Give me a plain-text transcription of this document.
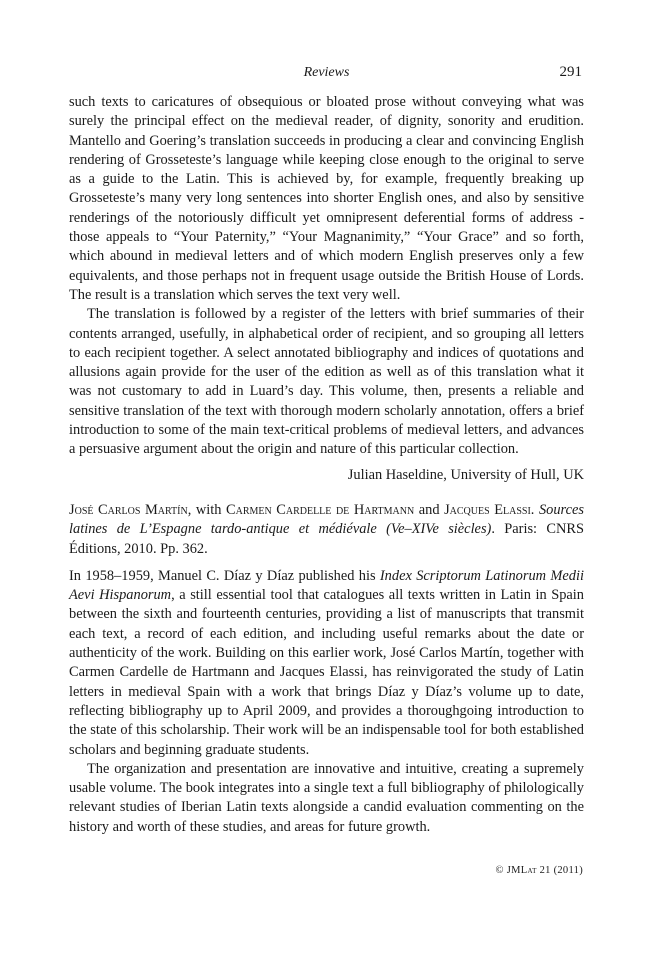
Reviews	291

such texts to caricatures of obsequious or bloated prose without conveying what was surely the principal effect on the medieval reader, of dignity, sonority and erudition. Mantello and Goering’s translation succeeds in producing a clear and convincing English rendering of Grosseteste’s language while keeping close enough to the original to serve as a guide to the Latin. This is achieved by, for example, frequently breaking up Grosseteste’s many very long sentences into shorter English ones, and also by sensitive renderings of the notoriously difficult yet omnipresent deferential forms of address - those appeals to “Your Paternity,” “Your Magnanimity,” “Your Grace” and so forth, which abound in medieval letters and of which modern English preserves only a few equivalents, and those perhaps not in frequent usage outside the British House of Lords. The result is a translation which serves the text very well.

The translation is followed by a register of the letters with brief summaries of their contents arranged, usefully, in alphabetical order of recipient, and so grouping all letters to each recipient together. A select annotated bibliography and indices of quotations and allusions again provide for the user of the edition as well as of this translation what it was not customary to add in Luard’s day. This volume, then, presents a reliable and sensitive translation of the text with thorough modern scholarly annotation, offers a brief introduction to some of the main text-critical problems of medieval letters, and advances a persuasive argument about the origin and nature of this particular collection.

Julian Haseldine, University of Hull, UK

José Carlos Martín, with Carmen Cardelle de Hartmann and Jacques Elassi. Sources latines de L’Espagne tardo-antique et médiévale (Ve–XIVe siècles). Paris: CNRS Éditions, 2010. Pp. 362.

In 1958–1959, Manuel C. Díaz y Díaz published his Index Scriptorum Latinorum Medii Aevi Hispanorum, a still essential tool that catalogues all texts written in Latin in Spain between the sixth and fourteenth centuries, providing a list of manuscripts that transmit each text, a record of each edition, and including useful remarks about the date or authenticity of the work. Building on this earlier work, José Carlos Martín, together with Carmen Cardelle de Hartmann and Jacques Elassi, has reinvigorated the study of Latin letters in medieval Spain with a work that brings Díaz y Díaz’s volume up to date, reflecting bibliography up to April 2009, and provides a thoroughgoing introduction to the state of this scholarship. Their work will be an indispensable tool for both established scholars and beginning graduate students.

The organization and presentation are innovative and intuitive, creating a supremely usable volume. The book integrates into a single text a full bibliography of philologically relevant studies of Iberian Latin texts alongside a candid evaluation commenting on the history and worth of these studies, and areas for future growth.

© JMLat 21 (2011)
